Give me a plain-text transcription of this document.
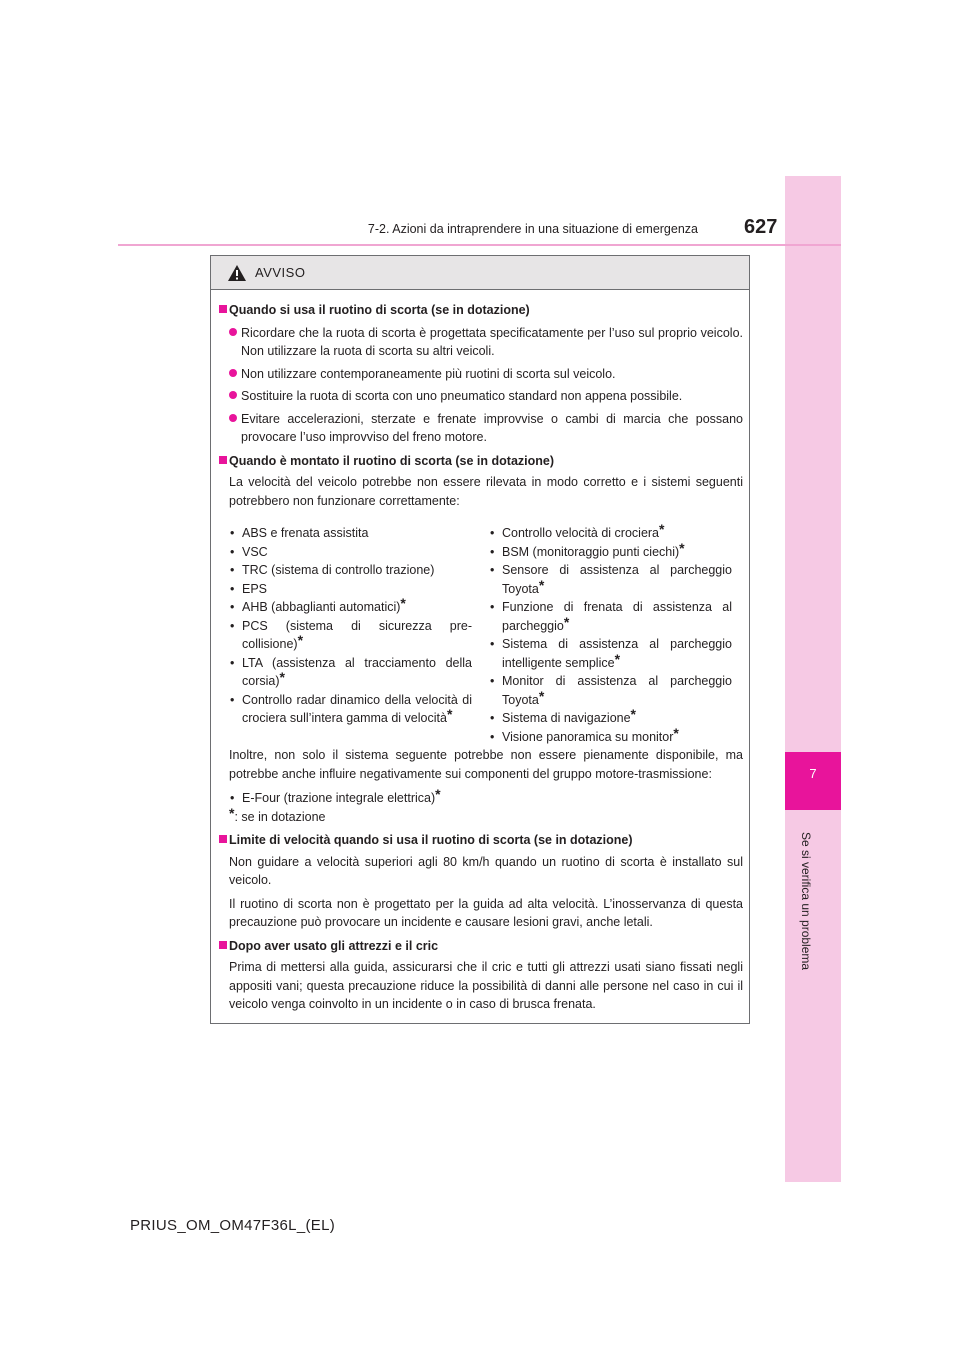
7
Se si verifica un problema
627
7-2. Azioni da intraprendere in una situazione di emergenza
AVVISO
Quando si usa il ruotino di scorta (se in dotazione)
Ricordare che la ruota di scorta è progettata specificatamente per l’uso sul proprio veicolo. Non utilizzare la ruota di scorta su altri veicoli.
Non utilizzare contemporaneamente più ruotini di scorta sul veicolo.
Sostituire la ruota di scorta con uno pneumatico standard non appena possibile.
Evitare accelerazioni, sterzate e frenate improvvise o cambi di marcia che possano provocare l’uso improvviso del freno motore.
Quando è montato il ruotino di scorta (se in dotazione)
La velocità del veicolo potrebbe non essere rilevata in modo corretto e i sistemi seguenti potrebbero non funzionare correttamente:
• ABS e frenata assistita
• VSC
• TRC (sistema di controllo trazione)
• EPS
• AHB (abbaglianti automatici)*
• PCS (sistema di sicurezza pre-collisione)*
• LTA (assistenza al tracciamento della corsia)*
• Controllo radar dinamico della velocità di crociera sull’intera gamma di velocità*
• Controllo velocità di crociera*
• BSM (monitoraggio punti ciechi)*
• Sensore di assistenza al parcheggio Toyota*
• Funzione di frenata di assistenza al parcheggio*
• Sistema di assistenza al parcheggio intelligente semplice*
• Monitor di assistenza al parcheggio Toyota*
• Sistema di navigazione*
• Visione panoramica su monitor*
Inoltre, non solo il sistema seguente potrebbe non essere pienamente disponibile, ma potrebbe anche influire negativamente sui componenti del gruppo motore-trasmissione:
• E-Four (trazione integrale elettrica)*
*: se in dotazione
Limite di velocità quando si usa il ruotino di scorta (se in dotazione)
Non guidare a velocità superiori agli 80 km/h quando un ruotino di scorta è installato sul veicolo.
Il ruotino di scorta non è progettato per la guida ad alta velocità. L’inosservanza di questa precauzione può provocare un incidente e causare lesioni gravi, anche letali.
Dopo aver usato gli attrezzi e il cric
Prima di mettersi alla guida, assicurarsi che il cric e tutti gli attrezzi usati siano fissati negli appositi vani; questa precauzione riduce la possibilità di danni alle persone nel caso in cui il veicolo venga coinvolto in un incidente o in caso di brusca frenata.
PRIUS_OM_OM47F36L_(EL)
